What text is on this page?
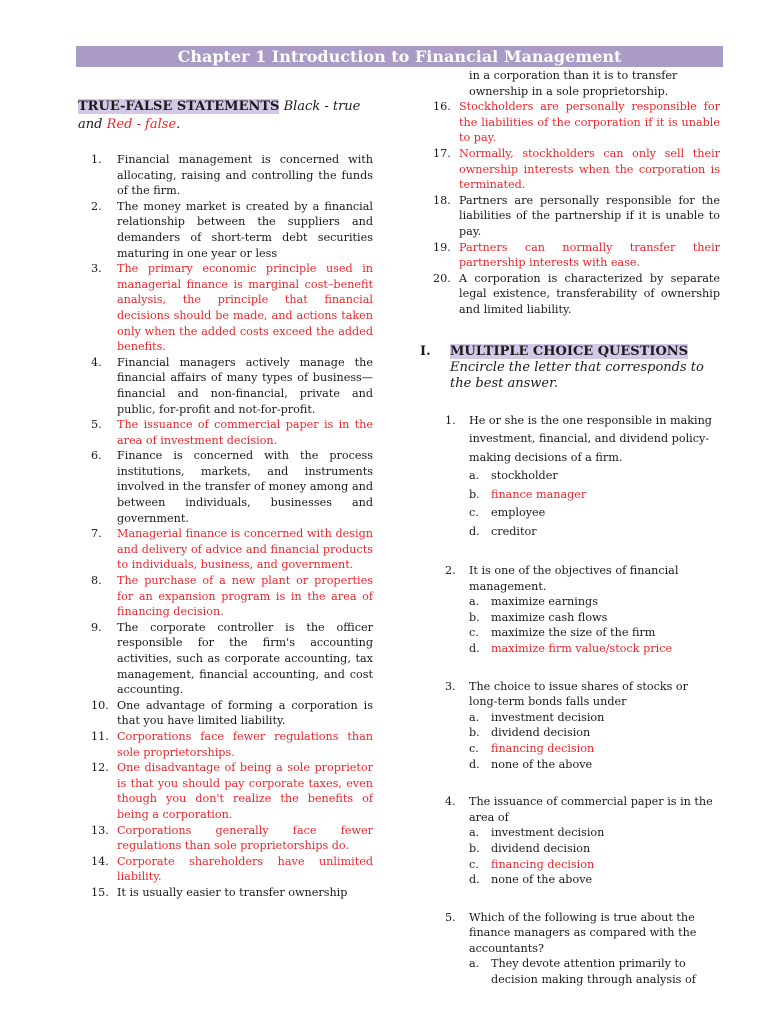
Chapter 1 Introduction to Financial Management
TRUE-FALSE STATEMENTS Black - true
and Red - false.
1.	Financial management is concerned with allocating, raising and controlling the funds of the firm.
2.	The money market is created by a financial relationship between the suppliers and demanders of short-term debt securities maturing in one year or less
3.	The primary economic principle used in managerial finance is marginal cost–benefit analysis, the principle that financial decisions should be made, and actions taken only when the added costs exceed the added benefits.
4.	Financial managers actively manage the financial affairs of many types of business—financial and non-financial, private and public, for-profit and not-for-profit.
5.	The issuance of commercial paper is in the area of investment decision.
6.	Finance is concerned with the process institutions, markets, and instruments involved in the transfer of money among and between individuals, businesses and government.
7.	Managerial finance is concerned with design and delivery of advice and financial products to individuals, business, and government.
8.	The purchase of a new plant or properties for an expansion program is in the area of financing decision.
9.	The corporate controller is the officer responsible for the firm's accounting activities, such as corporate accounting, tax management, financial accounting, and cost accounting.
10. One advantage of forming a corporation is that you have limited liability.
11. Corporations face fewer regulations than sole proprietorships.
12. One disadvantage of being a sole proprietor is that you should pay corporate taxes, even though you don't realize the benefits of being a corporation.
13. Corporations generally face fewer regulations than sole proprietorships do.
14. Corporate shareholders have unlimited liability.
15. It is usually easier to transfer ownership
in a corporation than it is to transfer ownership in a sole proprietorship.
16. Stockholders are personally responsible for the liabilities of the corporation if it is unable to pay.
17. Normally, stockholders can only sell their ownership interests when the corporation is terminated.
18. Partners are personally responsible for the liabilities of the partnership if it is unable to pay.
19. Partners can normally transfer their partnership interests with ease.
20. A corporation is characterized by separate legal existence, transferability of ownership and limited liability.
I.	MULTIPLE CHOICE QUESTIONS Encircle the letter that corresponds to the best answer.
1.	He or she is the one responsible in making investment, financial, and dividend policy-making decisions of a firm.
a.	stockholder
b.	finance manager
c.	employee
d.	creditor
2.	It is one of the objectives of financial management.
a.	maximize earnings
b.	maximize cash flows
c.	maximize the size of the firm
d.	maximize firm value/stock price
3.	The choice to issue shares of stocks or long-term bonds falls under
a.	investment decision
b.	dividend decision
c.	financing decision
d.	none of the above
4.	The issuance of commercial paper is in the area of
a.	investment decision
b.	dividend decision
c.	financing decision
d.	none of the above
5.	Which of the following is true about the finance managers as compared with the accountants?
a.	They devote attention primarily to decision making through analysis of
